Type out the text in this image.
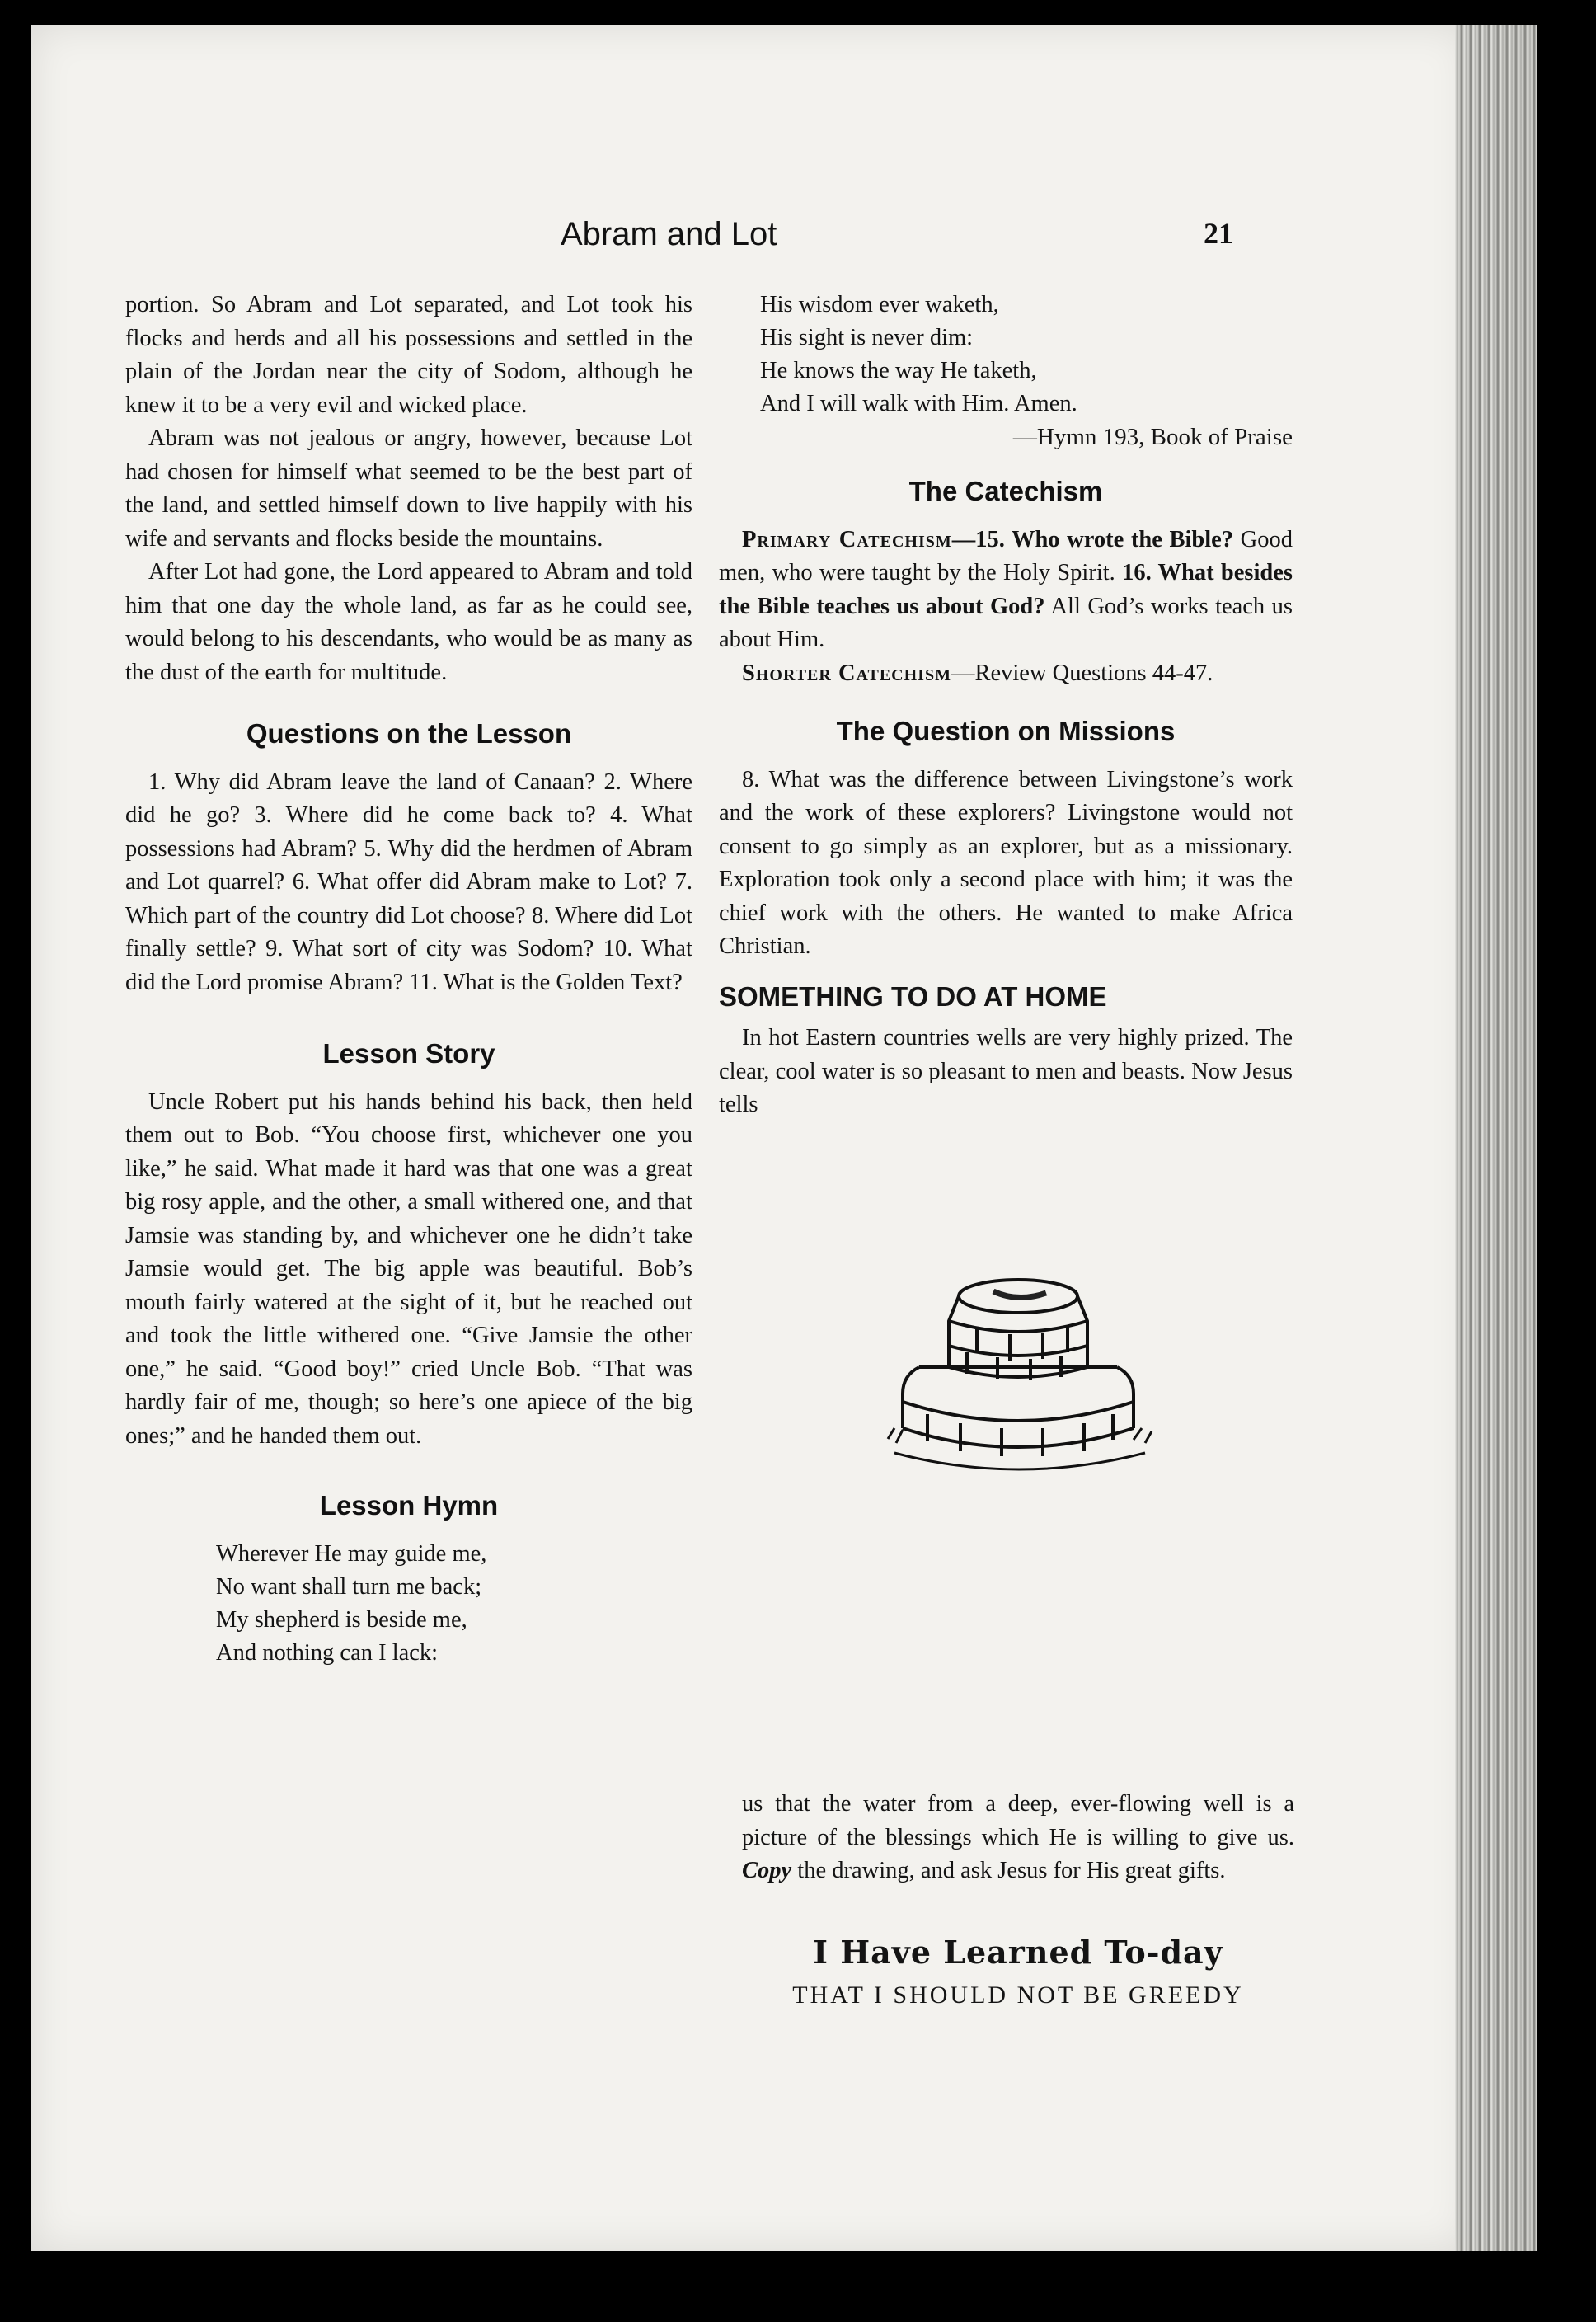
Abram and Lot	21

portion. So Abram and Lot separated, and Lot took his flocks and herds and all his possessions and settled in the plain of the Jordan near the city of Sodom, although he knew it to be a very evil and wicked place.

Abram was not jealous or angry, however, because Lot had chosen for himself what seemed to be the best part of the land, and settled himself down to live happily with his wife and servants and flocks beside the mountains.

After Lot had gone, the Lord appeared to Abram and told him that one day the whole land, as far as he could see, would belong to his descendants, who would be as many as the dust of the earth for multitude.

Questions on the Lesson

1. Why did Abram leave the land of Canaan? 2. Where did he go? 3. Where did he come back to? 4. What possessions had Abram? 5. Why did the herdmen of Abram and Lot quarrel? 6. What offer did Abram make to Lot? 7. Which part of the country did Lot choose? 8. Where did Lot finally settle? 9. What sort of city was Sodom? 10. What did the Lord promise Abram? 11. What is the Golden Text?

Lesson Story

Uncle Robert put his hands behind his back, then held them out to Bob. “You choose first, whichever one you like,” he said. What made it hard was that one was a great big rosy apple, and the other, a small withered one, and that Jamsie was standing by, and whichever one he didn’t take Jamsie would get. The big apple was beautiful. Bob’s mouth fairly watered at the sight of it, but he reached out and took the little withered one. “Give Jamsie the other one,” he said. “Good boy!” cried Uncle Bob. “That was hardly fair of me, though; so here’s one apiece of the big ones;” and he handed them out.

Lesson Hymn
Wherever He may guide me,
No want shall turn me back;
My shepherd is beside me,
And nothing can I lack:
His wisdom ever waketh,
His sight is never dim:
He knows the way He taketh,
And I will walk with Him. Amen.
—Hymn 193, Book of Praise
The Catechism

Primary Catechism—15. Who wrote the Bible? Good men, who were taught by the Holy Spirit. 16. What besides the Bible teaches us about God? All God’s works teach us about Him.

Shorter Catechism—Review Questions 44-47.

The Question on Missions

8. What was the difference between Livingstone’s work and the work of these explorers? Livingstone would not consent to go simply as an explorer, but as a missionary. Exploration took only a second place with him; it was the chief work with the others. He wanted to make Africa Christian.

SOMETHING TO DO AT HOME

In hot Eastern countries wells are very highly prized. The clear, cool water is so pleasant to men and beasts. Now Jesus tells

us that the water from a deep, ever-flowing well is a picture of the blessings which He is willing to give us. Copy the drawing, and ask Jesus for His great gifts.

I Have Learned To-day
THAT I SHOULD NOT BE GREEDY
